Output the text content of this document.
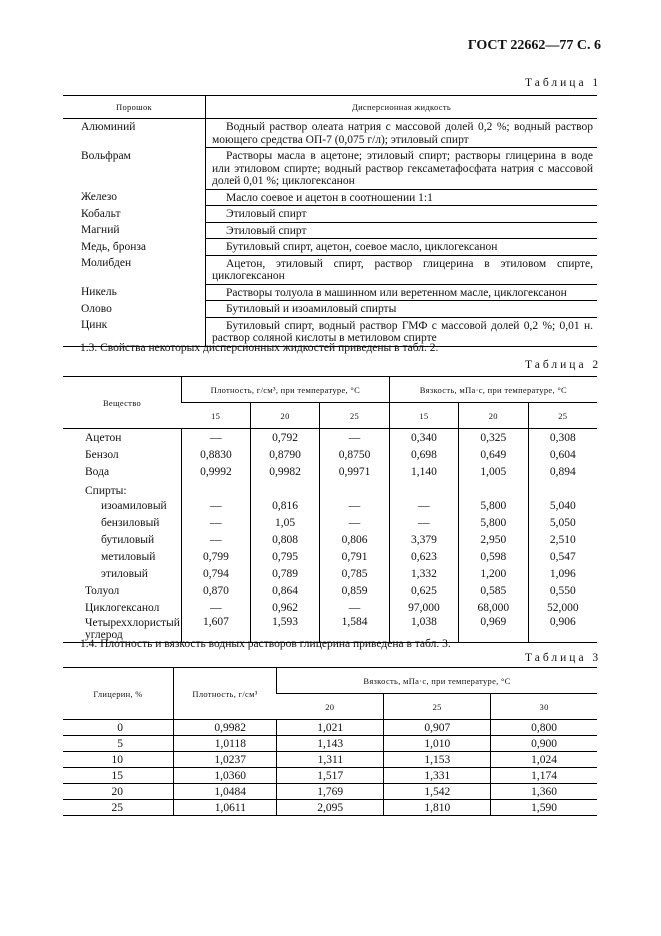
ГОСТ 22662—77 С. 6
Таблица 1
Порошок	Дисперсионная жидкость
Алюминий	Водный раствор олеата натрия с массовой долей 0,2 %; водный раствор моющего средства ОП-7 (0,075 г/л); этиловый спирт
Вольфрам	Растворы масла в ацетоне; этиловый спирт; растворы глицерина в воде или этиловом спирте; водный раствор гексаметафосфата натрия с массовой долей 0,01 %; циклогексанон
Железо	Масло соевое и ацетон в соотношении 1:1
Кобальт	Этиловый спирт
Магний	Этиловый спирт
Медь, бронза	Бутиловый спирт, ацетон, соевое масло, циклогексанон
Молибден	Ацетон, этиловый спирт, раствор глицерина в этиловом спирте, циклогексанон
Никель	Растворы толуола в машинном или веретенном масле, циклогексанон
Олово	Бутиловый и изоамиловый спирты
Цинк	Бутиловый спирт, водный раствор ГМФ с массовой долей 0,2 %; 0,01 н. раствор соляной кислоты в метиловом спирте
1.3. Свойства некоторых дисперсионных жидкостей приведены в табл. 2.
Таблица 2
Вещество	Плотность, г/см³, при температуре, °С			Вязкость, мПа·с, при температуре, °С		
	15	20	25	15	20	25
Ацетон	—	0,792	—	0,340	0,325	0,308
Бензол	0,8830	0,8790	0,8750	0,698	0,649	0,604
Вода	0,9992	0,9982	0,9971	1,140	1,005	0,894
Спирты:						
изоамиловый	—	0,816	—	—	5,800	5,040
бензиловый	—	1,05	—	—	5,800	5,050
бутиловый	—	0,808	0,806	3,379	2,950	2,510
метиловый	0,799	0,795	0,791	0,623	0,598	0,547
этиловый	0,794	0,789	0,785	1,332	1,200	1,096
Толуол	0,870	0,864	0,859	0,625	0,585	0,550
Циклогексанол	—	0,962	—	97,000	68,000	52,000
Четыреххлористый углерод	1,607	1,593	1,584	1,038	0,969	0,906
1.4. Плотность и вязкость водных растворов глицерина приведена в табл. 3.
Таблица 3
Глицерин, %	Плотность, г/см³	Вязкость, мПа·с, при температуре, °С		
		20	25	30
0	0,9982	1,021	0,907	0,800
5	1,0118	1,143	1,010	0,900
10	1,0237	1,311	1,153	1,024
15	1,0360	1,517	1,331	1,174
20	1,0484	1,769	1,542	1,360
25	1,0611	2,095	1,810	1,590
